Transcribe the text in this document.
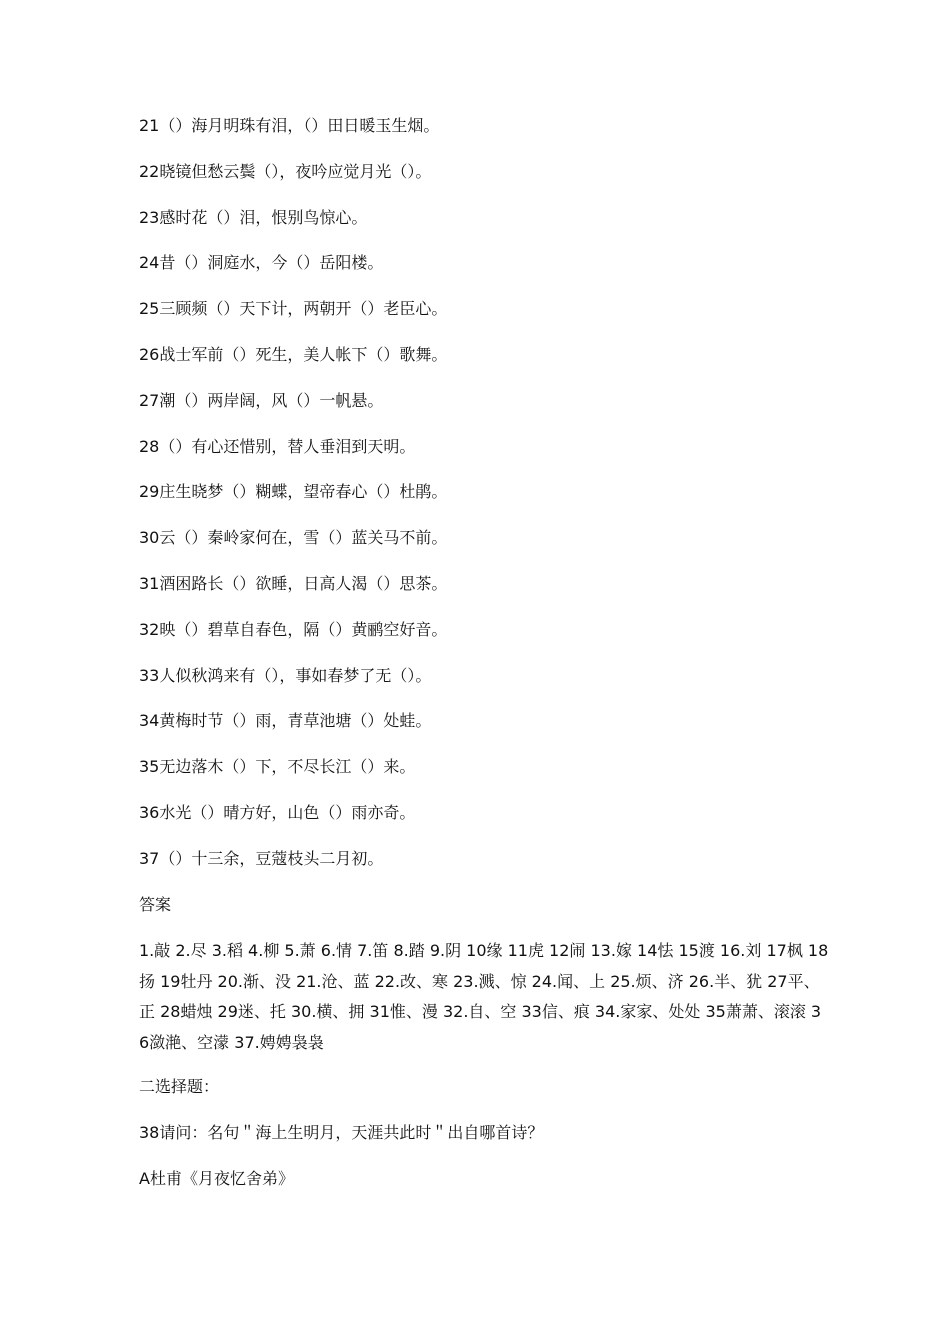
21（）海月明珠有泪，（）田日暖玉生烟。
22晓镜但愁云鬓（），夜吟应觉月光（）。
23感时花（）泪，恨别鸟惊心。
24昔（）洞庭水，今（）岳阳楼。
25三顾频（）天下计，两朝开（）老臣心。
26战士军前（）死生，美人帐下（）歌舞。
27潮（）两岸阔，风（）一帆悬。
28（）有心还惜别，替人垂泪到天明。
29庄生晓梦（）糊蝶，望帝春心（）杜鹃。
30云（）秦岭家何在，雪（）蓝关马不前。
31酒困路长（）欲睡，日高人渴（）思茶。
32映（）碧草自春色，隔（）黄鹂空好音。
33人似秋鸿来有（），事如春梦了无（）。
34黄梅时节（）雨，青草池塘（）处蛙。
35无边落木（）下，不尽长江（）来。
36水光（）晴方好，山色（）雨亦奇。
37（）十三余，豆蔻枝头二月初。
答案
1.敲 2.尽 3.稻 4.柳 5.萧 6.情 7.笛 8.踏 9.阴 10缘 11虎 12闹 13.嫁 14怯 15渡 16.刘 17枫 18扬 19牡丹 20.渐、没 21.沧、蓝 22.改、寒 23.溅、惊 24.闻、上 25.烦、济 26.半、犹 27平、正 28蜡烛 29迷、托 30.横、拥 31惟、漫 32.自、空 33信、痕 34.家家、处处 35萧萧、滚滚 36潋滟、空濛 37.娉娉袅袅
二选择题：
38请问：名句＂海上生明月，天涯共此时＂出自哪首诗？
A杜甫《月夜忆舍弟》
